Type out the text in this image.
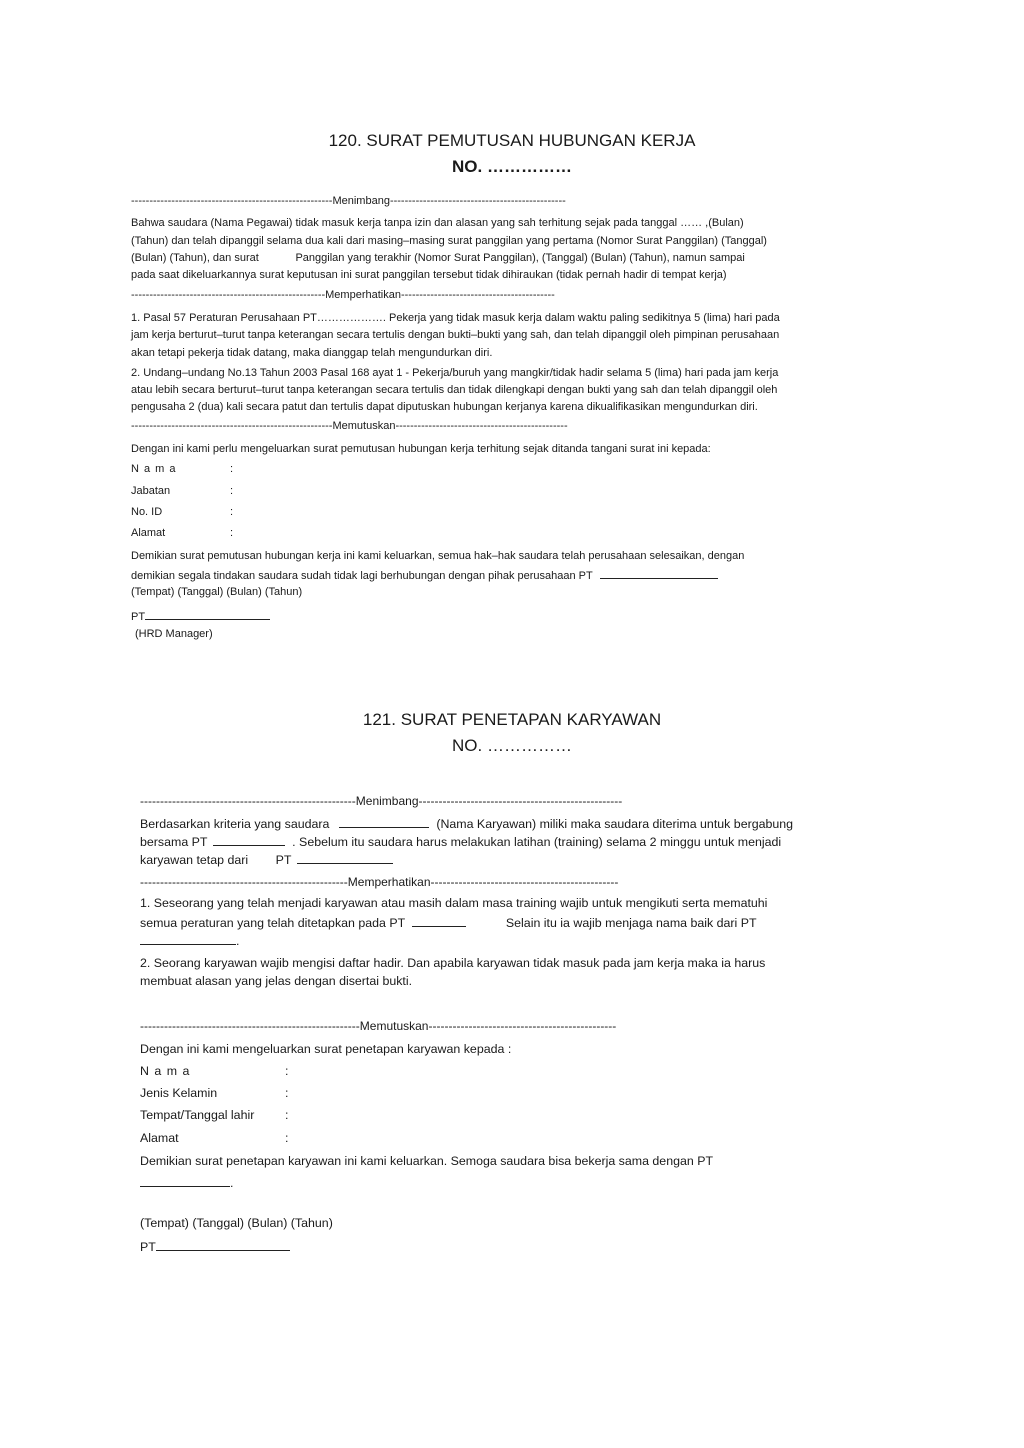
120. SURAT PEMUTUSAN HUBUNGAN KERJA
NO. ……………

-------------------------------------------------------Menimbang------------------------------------------------

Bahwa saudara (Nama Pegawai) tidak masuk kerja tanpa izin dan alasan yang sah terhitung sejak pada tanggal …… ,(Bulan)

(Tahun) dan telah dipanggil selama dua kali dari masing–masing surat panggilan yang pertama (Nomor Surat Panggilan) (Tanggal)

(Bulan) (Tahun), dan surat            Panggilan yang terakhir (Nomor Surat Panggilan), (Tanggal) (Bulan) (Tahun), namun sampai

pada saat dikeluarkannya surat keputusan ini surat panggilan tersebut tidak dihiraukan (tidak pernah hadir di tempat kerja)

-----------------------------------------------------Memperhatikan------------------------------------------

1. Pasal 57 Peraturan Perusahaan PT………………. Pekerja yang tidak masuk kerja dalam waktu paling sedikitnya 5 (lima) hari pada

jam kerja berturut–turut tanpa keterangan secara tertulis dengan bukti–bukti yang sah, dan telah dipanggil oleh pimpinan perusahaan

akan tetapi pekerja tidak datang, maka dianggap telah mengundurkan diri.

2. Undang–undang No.13 Tahun 2003 Pasal 168 ayat 1 - Pekerja/buruh yang mangkir/tidak hadir selama 5 (lima) hari pada jam kerja

atau lebih secara berturut–turut tanpa keterangan secara tertulis dan tidak dilengkapi dengan bukti yang sah dan telah dipanggil oleh

pengusaha 2 (dua) kali secara patut dan tertulis dapat diputuskan hubungan kerjanya karena dikualifikasikan mengundurkan diri.

-------------------------------------------------------Memutuskan-----------------------------------------------

Dengan ini kami perlu mengeluarkan surat pemutusan hubungan kerja terhitung sejak ditanda tangani surat ini kepada:

N a m a	:

Jabatan	:

No. ID	:

Alamat	:

Demikian surat pemutusan hubungan kerja ini kami keluarkan, semua hak–hak saudara telah perusahaan selesaikan, dengan

demikian segala tindakan saudara sudah tidak lagi berhubungan dengan pihak perusahaan PT

(Tempat) (Tanggal) (Bulan) (Tahun)

PT

(HRD Manager)

121. SURAT PENETAPAN KARYAWAN
NO. ……………

------------------------------------------------------Menimbang---------------------------------------------------

Berdasarkan kriteria yang saudara	(Nama Karyawan) miliki maka saudara diterima untuk bergabung

bersama PT	. Sebelum itu saudara harus melakukan latihan (training) selama 2 minggu untuk menjadi

karyawan tetap dari PT

----------------------------------------------------Memperhatikan-----------------------------------------------

1. Seseorang yang telah menjadi karyawan atau masih dalam masa training wajib untuk mengikuti serta mematuhi

semua peraturan yang telah ditetapkan pada PT	Selain itu ia wajib menjaga nama baik dari PT

.

2. Seorang karyawan wajib mengisi daftar hadir. Dan apabila karyawan tidak masuk pada jam kerja maka ia harus

membuat alasan yang jelas dengan disertai bukti.

-------------------------------------------------------Memutuskan-----------------------------------------------

Dengan ini kami mengeluarkan surat penetapan karyawan kepada :

N a m a	:

Jenis Kelamin	:

Tempat/Tanggal lahir :

Alamat	:

Demikian surat penetapan karyawan ini kami keluarkan. Semoga saudara bisa bekerja sama dengan PT

.

(Tempat) (Tanggal) (Bulan) (Tahun)

PT
